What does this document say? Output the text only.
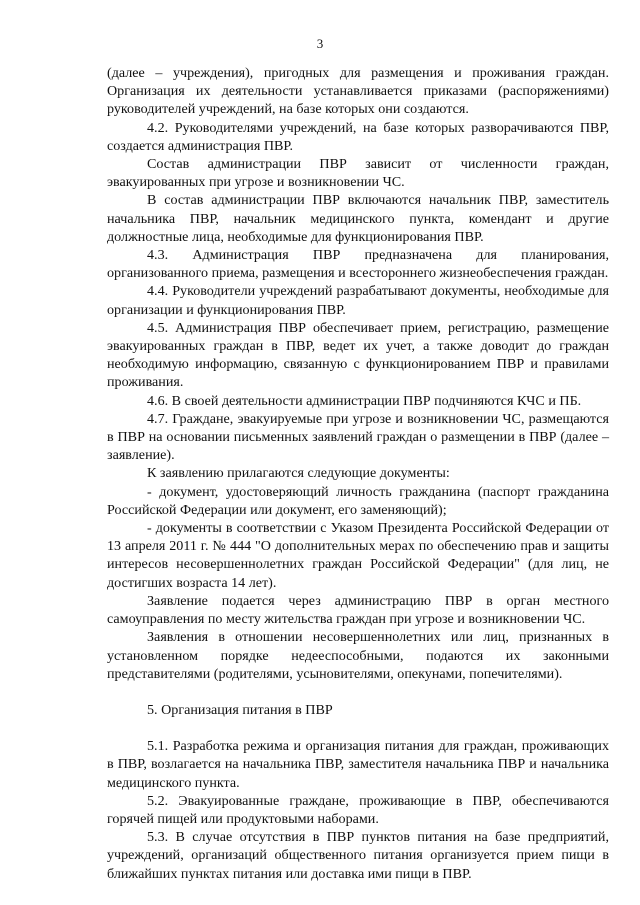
3

(далее – учреждения), пригодных для размещения и проживания граждан. Организация их деятельности устанавливается приказами (распоряжениями) руководителей учреждений, на базе которых они создаются.

4.2. Руководителями учреждений, на базе которых разворачиваются ПВР, создается администрация ПВР.

Состав администрации ПВР зависит от численности граждан, эвакуированных при угрозе и возникновении ЧС.

В состав администрации ПВР включаются начальник ПВР, заместитель начальника ПВР, начальник медицинского пункта, комендант и другие должностные лица, необходимые для функционирования ПВР.

4.3. Администрация ПВР предназначена для планирования, организованного приема, размещения и всестороннего жизнеобеспечения граждан.

4.4. Руководители учреждений разрабатывают документы, необходимые для организации и функционирования ПВР.

4.5. Администрация ПВР обеспечивает прием, регистрацию, размещение эвакуированных граждан в ПВР, ведет их учет, а также доводит до граждан необходимую информацию, связанную с функционированием ПВР и правилами проживания.

4.6. В своей деятельности администрации ПВР подчиняются КЧС и ПБ.

4.7. Граждане, эвакуируемые при угрозе и возникновении ЧС, размещаются в ПВР на основании письменных заявлений граждан о размещении в ПВР (далее – заявление).

К заявлению прилагаются следующие документы:

- документ, удостоверяющий личность гражданина (паспорт гражданина Российской Федерации или документ, его заменяющий);

- документы в соответствии с Указом Президента Российской Федерации от 13 апреля 2011 г. № 444 "О дополнительных мерах по обеспечению прав и защиты интересов несовершеннолетних граждан Российской Федерации" (для лиц, не достигших возраста 14 лет).

Заявление подается через администрацию ПВР в орган местного самоуправления по месту жительства граждан при угрозе и возникновении ЧС.

Заявления в отношении несовершеннолетних или лиц, признанных в установленном порядке недееспособными, подаются их законными представителями (родителями, усыновителями, опекунами, попечителями).

5. Организация питания в ПВР

5.1. Разработка режима и организация питания для граждан, проживающих в ПВР, возлагается на начальника ПВР, заместителя начальника ПВР и начальника медицинского пункта.

5.2. Эвакуированные граждане, проживающие в ПВР, обеспечиваются горячей пищей или продуктовыми наборами.

5.3. В случае отсутствия в ПВР пунктов питания на базе предприятий, учреждений, организаций общественного питания организуется прием пищи в ближайших пунктах питания или доставка ими пищи в ПВР.
